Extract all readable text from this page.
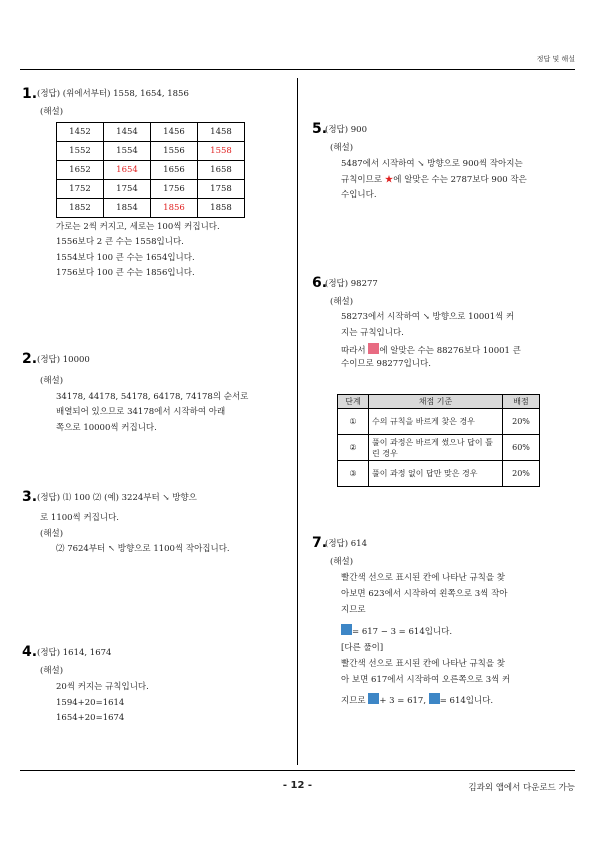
정답 및 해설
- 12 -	김과외 앱에서 다운로드 가능
1. (정답) (위에서부터) 1558, 1654, 1856
(해설)
1452	1454	1456	1458
1552	1554	1556	1558
1652	1654	1656	1658
1752	1754	1756	1758
1852	1854	1856	1858
가로는 2씩 커지고, 세로는 100씩 커집니다.
1556보다 2 큰 수는 1558입니다.
1554보다 100 큰 수는 1654입니다.
1756보다 100 큰 수는 1856입니다.
2. (정답) 10000
(해설)
34178, 44178, 54178, 64178, 74178의 순서로
배열되어 있으므로 34178에서 시작하여 아래
쪽으로 10000씩 커집니다.
3. (정답) ⑴ 100 ⑵ (예) 3224부터 ↘ 방향으
로 1100씩 커집니다.
(해설)
⑵ 7624부터 ↖ 방향으로 1100씩 작아집니다.
4. (정답) 1614, 1674
(해설)
20씩 커지는 규칙입니다.
1594+20=1614
1654+20=1674
5.
(정답) 900
(해설)
5487에서 시작하여 ↘ 방향으로 900씩 작아지는
규칙이므로 ★에 알맞은 수는 2787보다 900 작은
수입니다.
6.
(정답) 98277
(해설)
58273에서 시작하여 ↘ 방향으로 10001씩 커
지는 규칙입니다.
따라서 에 알맞은 수는 88276보다 10001 큰
수이므로 98277입니다.
단계	채점 기준	배점
①	수의 규칙을 바르게 찾은 경우	20%
②	풀이 과정은 바르게 썼으나 답이 틀린 경우	60%
③	풀이 과정 없이 답만 맞은 경우	20%
7.
(정답) 614
(해설)
빨간색 선으로 표시된 칸에 나타난 규칙을 찾
아보면 623에서 시작하여 왼쪽으로 3씩 작아
지므로
= 617 − 3 = 614입니다.
[다른 풀이]
빨간색 선으로 표시된 칸에 나타난 규칙을 찾
아 보면 617에서 시작하여 오른쪽으로 3씩 커
지므로 + 3 = 617, = 614입니다.
